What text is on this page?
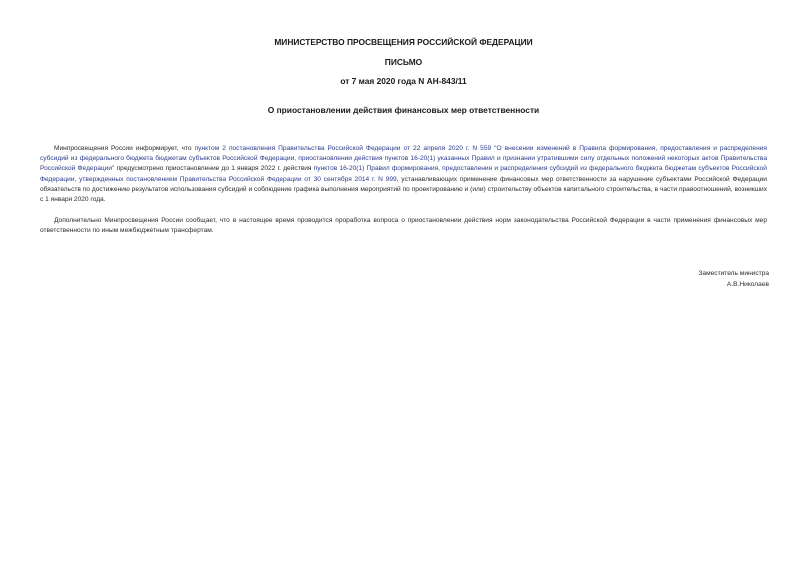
МИНИСТЕРСТВО ПРОСВЕЩЕНИЯ РОССИЙСКОЙ ФЕДЕРАЦИИ
ПИСЬМО
от 7 мая 2020 года N АН-843/11
О приостановлении действия финансовых мер ответственности
Минпросвещения России информирует, что пунктом 2 постановления Правительства Российской Федерации от 22 апреля 2020 г. N 559 "О внесении изменений в Правила формирования, предоставления и распределения субсидий из федерального бюджета бюджетам субъектов Российской Федерации, приостановлении действия пунктов 16-20(1) указанных Правил и признании утратившими силу отдельных положений некоторых актов Правительства Российской Федерации" предусмотрено приостановление до 1 января 2022 г. действия пунктов 16-20(1) Правил формирования, предоставления и распределения субсидий из федерального бюджета бюджетам субъектов Российской Федерации, утвержденных постановлением Правительства Российской Федерации от 30 сентября 2014 г. N 999, устанавливающих применение финансовых мер ответственности за нарушение субъектами Российской Федерации обязательств по достижению результатов использования субсидий и соблюдение графика выполнения мероприятий по проектированию и (или) строительству объектов капитального строительства, в части правоотношений, возникших с 1 января 2020 года.
Дополнительно Минпросвещения России сообщает, что в настоящее время проводится проработка вопроса о приостановлении действия норм законодательства Российской Федерации в части применения финансовых мер ответственности по иным межбюджетным трансфертам.
Заместитель министра
А.В.Николаев
